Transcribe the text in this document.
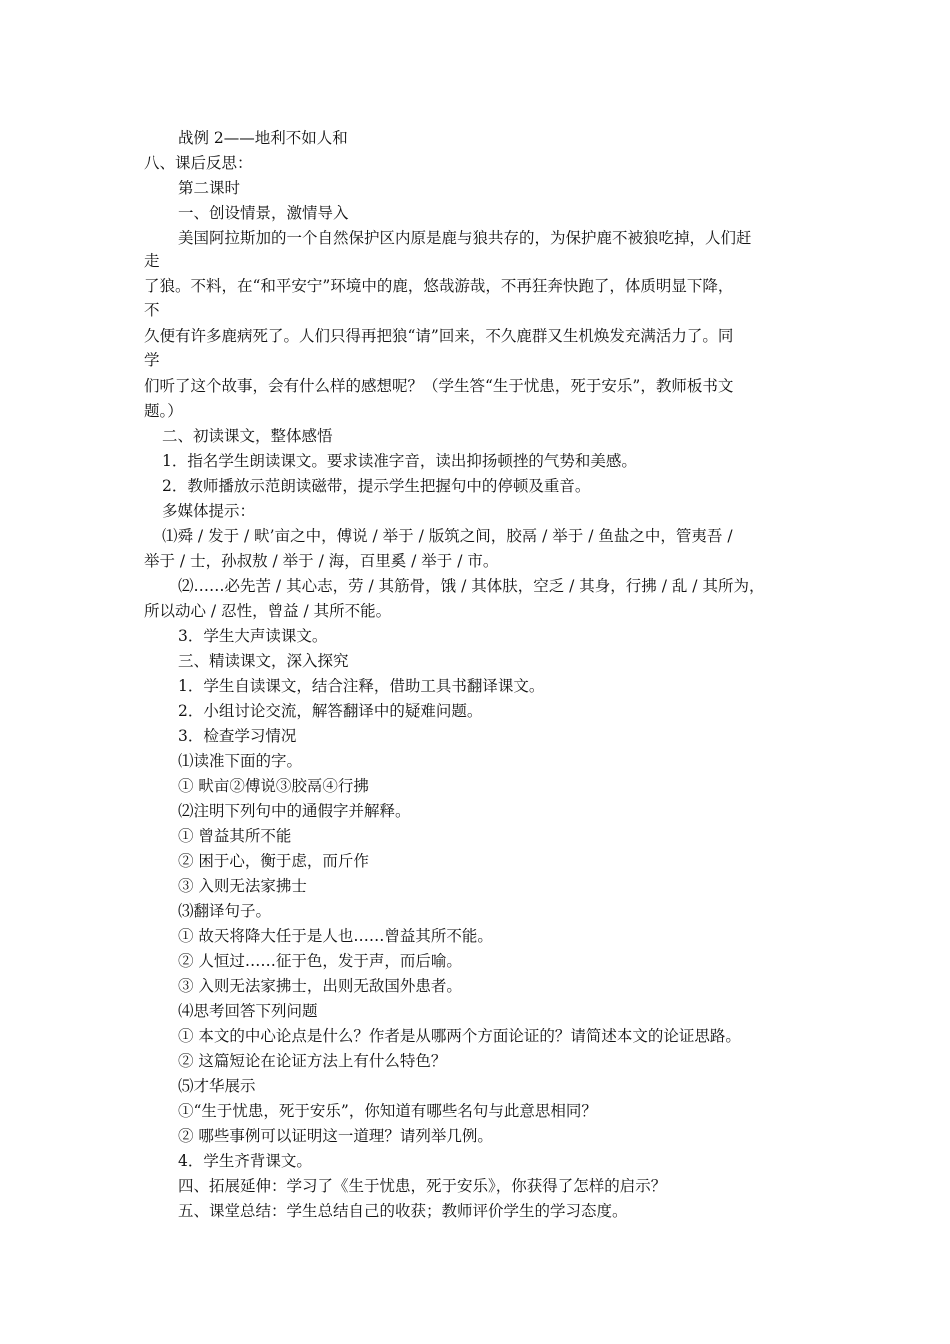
战例 2——地利不如人和
八、课后反思：
第二课时
一、创设情景，激情导入
美国阿拉斯加的一个自然保护区内原是鹿与狼共存的，为保护鹿不被狼吃掉，人们赶
走
了狼。不料，在“和平安宁”环境中的鹿，悠哉游哉，不再狂奔快跑了，体质明显下降，
不
久便有许多鹿病死了。人们只得再把狼“请”回来，不久鹿群又生机焕发充满活力了。同
学
们听了这个故事，会有什么样的感想呢？（学生答“生于忧患，死于安乐”，教师板书文
题。）
二、初读课文，整体感悟
1．指名学生朗读课文。要求读准字音，读出抑扬顿挫的气势和美感。
2．教师播放示范朗读磁带，提示学生把握句中的停顿及重音。
多媒体提示：
⑴舜 / 发于 / 畎’亩之中，傅说 / 举于 / 版筑之间，胶鬲 / 举于 / 鱼盐之中，管夷吾 /
举于 / 士，孙叔敖 / 举于 / 海，百里奚 / 举于 / 市。
⑵……必先苦 / 其心志，劳 / 其筋骨，饿 / 其体肤，空乏 / 其身，行拂 / 乱 / 其所为，
所以动心 / 忍性，曾益 / 其所不能。
3．学生大声读课文。
三、精读课文，深入探究
1．学生自读课文，结合注释，借助工具书翻译课文。
2．小组讨论交流，解答翻译中的疑难问题。
3．检查学习情况
⑴读准下面的字。
① 畎亩②傅说③胶鬲④行拂
⑵注明下列句中的通假字并解释。
① 曾益其所不能
② 困于心，衡于虑，而斤作
③ 入则无法家拂士
⑶翻译句子。
① 故天将降大任于是人也……曾益其所不能。
② 人恒过……征于色，发于声，而后喻。
③ 入则无法家拂士，出则无敌国外患者。
⑷思考回答下列问题
① 本文的中心论点是什么？作者是从哪两个方面论证的？请简述本文的论证思路。
② 这篇短论在论证方法上有什么特色？
⑸才华展示
①“生于忧患，死于安乐”，你知道有哪些名句与此意思相同？
② 哪些事例可以证明这一道理？请列举几例。
4．学生齐背课文。
四、拓展延伸：学习了《生于忧患，死于安乐》，你获得了怎样的启示？
五、课堂总结：学生总结自己的收获；教师评价学生的学习态度。
